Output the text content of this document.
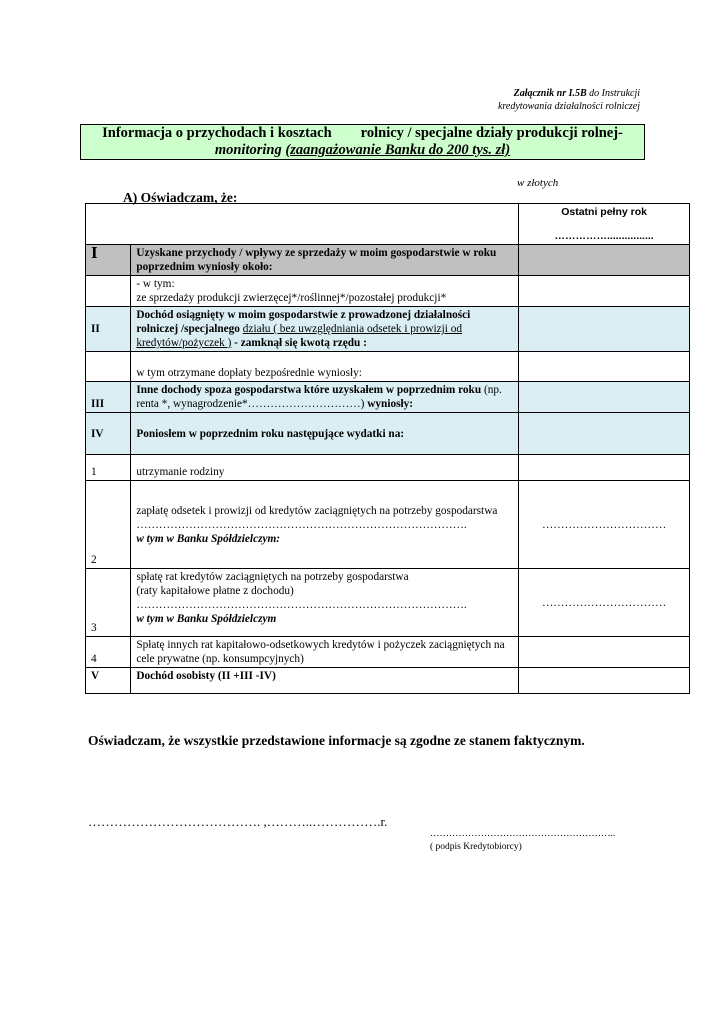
Załącznik nr I.5B do Instrukcji
kredytowania działalności rolniczej
Informacja o przychodach i kosztach        rolnicy / specjalne działy produkcji rolnej-
monitoring (zaangażowanie Banku do 200 tys. zł)
w złotych
A) Oświadczam, że:

		Ostatni pełny rok
……………................

I	Uzyskane przychody / wpływy ze sprzedaży w moim gospodarstwie w roku poprzednim wyniosły około:	

	- w tym:
ze sprzedaży produkcji zwierzęcej*/roślinnej*/pozostałej produkcji*	

II	Dochód osiągnięty w moim gospodarstwie z prowadzonej działalności rolniczej /specjalnego działu ( bez uwzględniania odsetek i prowizji od kredytów/pożyczek ) - zamknął się kwotą rzędu :	
	w tym otrzymane dopłaty bezpośrednie wyniosły:	
III	Inne dochody spoza gospodarstwa które uzyskałem w poprzednim roku (np. renta *, wynagrodzenie*…………………………) wyniosły:	
IV	Poniosłem w poprzednim roku następujące wydatki na:	
1	utrzymanie rodziny	
2	zapłatę odsetek i prowizji od kredytów zaciągniętych na potrzeby gospodarstwa
…………………………………………………………………………….
w tym w Banku Spółdzielczym:	……………………………
3	spłatę rat kredytów zaciągniętych na potrzeby gospodarstwa
(raty kapitałowe płatne z dochodu)
…………………………………………………………………………….
w tym w Banku Spółdzielczym	……………………………
4	Spłatę innych rat kapitałowo-odsetkowych kredytów i pożyczek zaciągniętych na cele prywatne (np. konsumpcyjnych)	
V	Dochód osobisty (II +III -IV)	
Oświadczam, że wszystkie przedstawione informacje są zgodne ze stanem faktycznym.
…………………………………. ,………..…………….r.
…………………………………………………..
( podpis Kredytobiorcy)
